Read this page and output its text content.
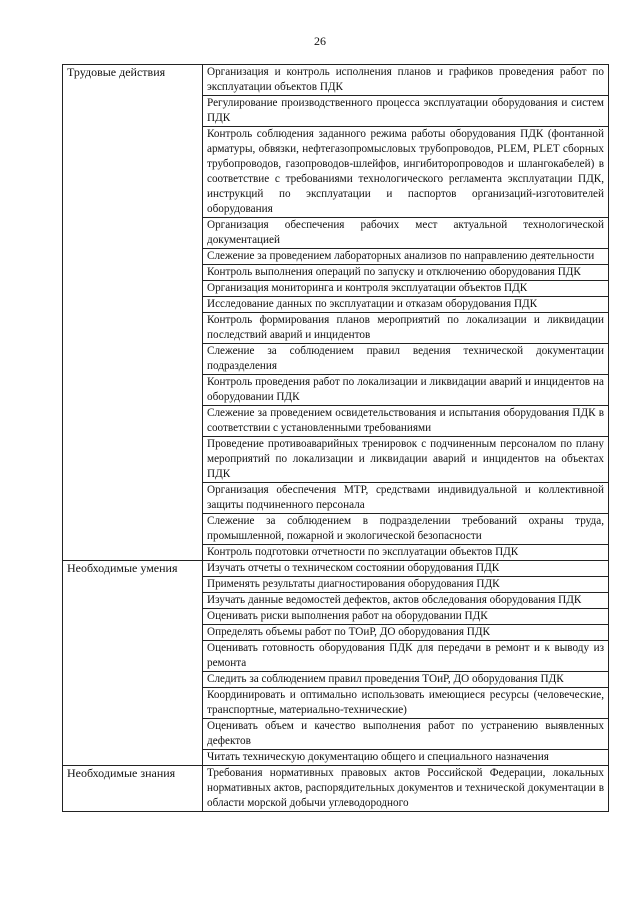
26
Трудовые действия	Организация и контроль исполнения планов и графиков проведения работ по эксплуатации объектов ПДК
	Регулирование производственного процесса эксплуатации оборудования и систем ПДК
	Контроль соблюдения заданного режима работы оборудования ПДК (фонтанной арматуры, обвязки, нефтегазопромысловых трубопроводов, PLEM, PLET сборных трубопроводов, газопроводов-шлейфов, ингибиторопроводов и шлангокабелей) в соответствие с требованиями технологического регламента эксплуатации ПДК, инструкций по эксплуатации и паспортов организаций-изготовителей оборудования
	Организация обеспечения рабочих мест актуальной технологической документацией
	Слежение за проведением лабораторных анализов по направлению деятельности
	Контроль выполнения операций по запуску и отключению оборудования ПДК
	Организация мониторинга и контроля эксплуатации объектов ПДК
	Исследование данных по эксплуатации и отказам оборудования ПДК
	Контроль формирования планов мероприятий по локализации и ликвидации последствий аварий и инцидентов
	Слежение за соблюдением правил ведения технической документации подразделения
	Контроль проведения работ по локализации и ликвидации аварий и инцидентов на оборудовании ПДК
	Слежение за проведением освидетельствования и испытания оборудования ПДК в соответствии с установленными требованиями
	Проведение противоаварийных тренировок с подчиненным персоналом по плану мероприятий по локализации и ликвидации аварий и инцидентов на объектах ПДК
	Организация обеспечения МТР, средствами индивидуальной и коллективной защиты подчиненного персонала
	Слежение за соблюдением в подразделении требований охраны труда, промышленной, пожарной и экологической безопасности
	Контроль подготовки отчетности по эксплуатации объектов ПДК
Необходимые умения	Изучать отчеты о техническом состоянии оборудования ПДК
	Применять результаты диагностирования оборудования ПДК
	Изучать данные ведомостей дефектов, актов обследования оборудования ПДК
	Оценивать риски выполнения работ на оборудовании ПДК
	Определять объемы работ по ТОиР, ДО оборудования ПДК
	Оценивать готовность оборудования ПДК для передачи в ремонт и к выводу из ремонта
	Следить за соблюдением правил проведения ТОиР, ДО оборудования ПДК
	Координировать и оптимально использовать имеющиеся ресурсы (человеческие, транспортные, материально-технические)
	Оценивать объем и качество выполнения работ по устранению выявленных дефектов
	Читать техническую документацию общего и специального назначения
Необходимые знания	Требования нормативных правовых актов Российской Федерации, локальных нормативных актов, распорядительных документов и технической документации в области морской добычи углеводородного
